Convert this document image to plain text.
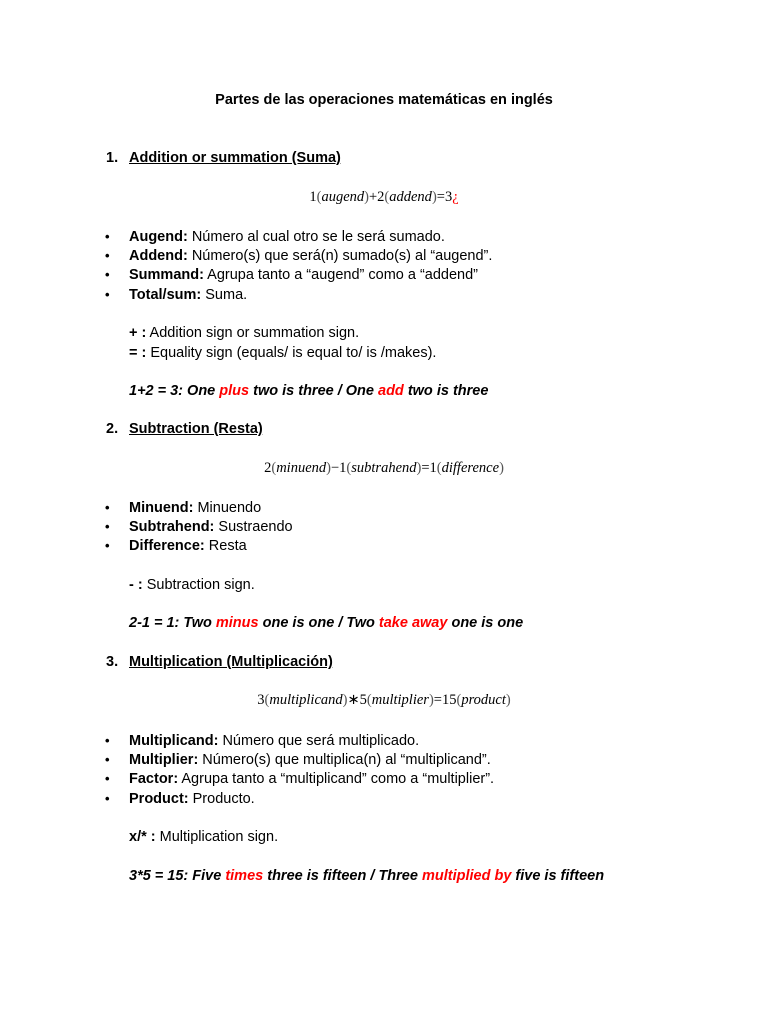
Partes de las operaciones matemáticas en inglés
1. Addition or summation (Suma)
1(augend)+2(addend)=3¿
• Augend: Número al cual otro se le será sumado.
• Addend: Número(s) que será(n) sumado(s) al “augend”.
• Summand: Agrupa tanto a “augend” como a “addend”
• Total/sum: Suma.
+ : Addition sign or summation sign.
= : Equality sign (equals/ is equal to/ is /makes).
1+2 = 3: One plus two is three / One add two is three
2. Subtraction (Resta)
2(minuend)−1(subtrahend)=1(difference)
• Minuend: Minuendo
• Subtrahend: Sustraendo
• Difference: Resta
- : Subtraction sign.
2-1 = 1: Two minus one is one / Two take away one is one
3. Multiplication (Multiplicación)
3(multiplicand)∗5(multiplier)=15(product)
• Multiplicand: Número que será multiplicado.
• Multiplier: Número(s) que multiplica(n) al “multiplicand”.
• Factor: Agrupa tanto a “multiplicand” como a “multiplier”.
• Product: Producto.
x/* : Multiplication sign.
3*5 = 15: Five times three is fifteen / Three multiplied by five is fifteen
